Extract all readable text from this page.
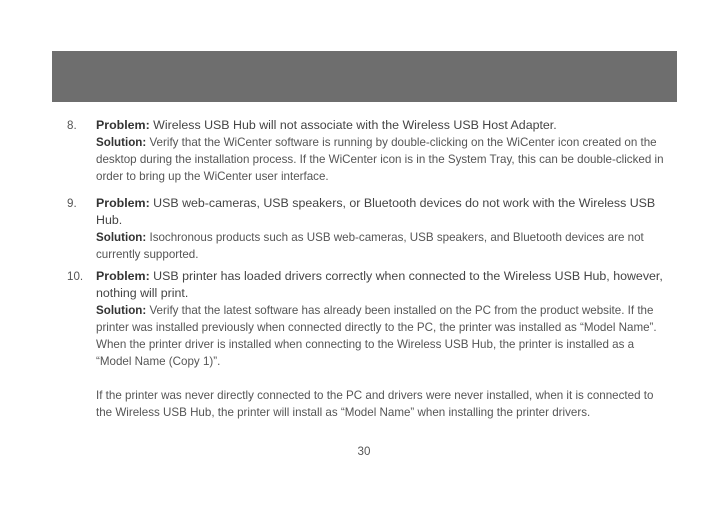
8. Problem: Wireless USB Hub will not associate with the Wireless USB Host Adapter.
Solution: Verify that the WiCenter software is running by double-clicking on the WiCenter icon created on the desktop during the installation process. If the WiCenter icon is in the System Tray, this can be double-clicked in order to bring up the WiCenter user interface.
9. Problem: USB web-cameras, USB speakers, or Bluetooth devices do not work with the Wireless USB Hub.
Solution: Isochronous products such as USB web-cameras, USB speakers, and Bluetooth devices are not currently supported.
10. Problem: USB printer has loaded drivers correctly when connected to the Wireless USB Hub, however, nothing will print.
Solution: Verify that the latest software has already been installed on the PC from the product website. If the printer was installed previously when connected directly to the PC, the printer was installed as “Model Name”. When the printer driver is installed when connecting to the Wireless USB Hub, the printer is installed as a “Model Name (Copy 1)”.
If the printer was never directly connected to the PC and drivers were never installed, when it is connected to the Wireless USB Hub, the printer will install as “Model Name” when installing the printer drivers.
30
